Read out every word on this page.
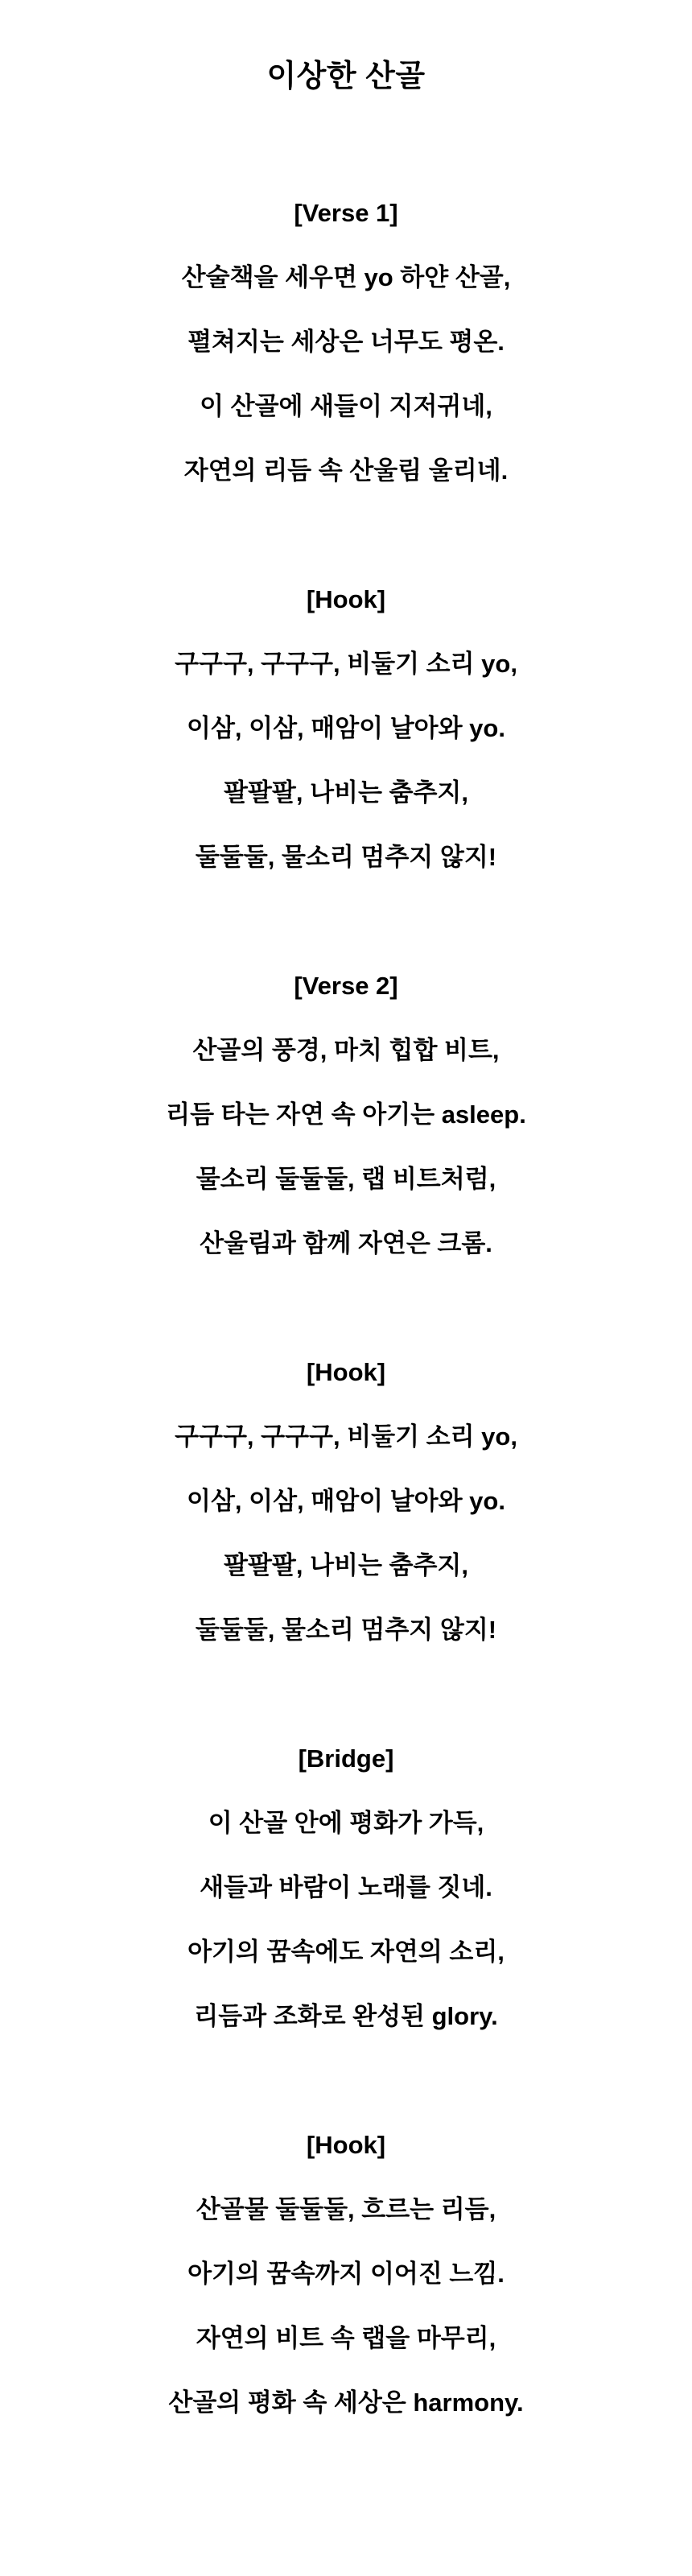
이상한 산골
[Verse 1]
산술책을 세우면 yo 하얀 산골,
펼쳐지는 세상은 너무도 평온.
이 산골에 새들이 지저귀네,
자연의 리듬 속 산울림 울리네.
[Hook]
구구구, 구구구, 비둘기 소리 yo,
이삼, 이삼, 매암이 날아와 yo.
팔팔팔, 나비는 춤추지,
둘둘둘, 물소리 멈추지 않지!
[Verse 2]
산골의 풍경, 마치 힙합 비트,
리듬 타는 자연 속 아기는 asleep.
물소리 둘둘둘, 랩 비트처럼,
산울림과 함께 자연은 크롬.
[Hook]
구구구, 구구구, 비둘기 소리 yo,
이삼, 이삼, 매암이 날아와 yo.
팔팔팔, 나비는 춤추지,
둘둘둘, 물소리 멈추지 않지!
[Bridge]
이 산골 안에 평화가 가득,
새들과 바람이 노래를 짓네.
아기의 꿈속에도 자연의 소리,
리듬과 조화로 완성된 glory.
[Hook]
산골물 둘둘둘, 흐르는 리듬,
아기의 꿈속까지 이어진 느낌.
자연의 비트 속 랩을 마무리,
산골의 평화 속 세상은 harmony.
